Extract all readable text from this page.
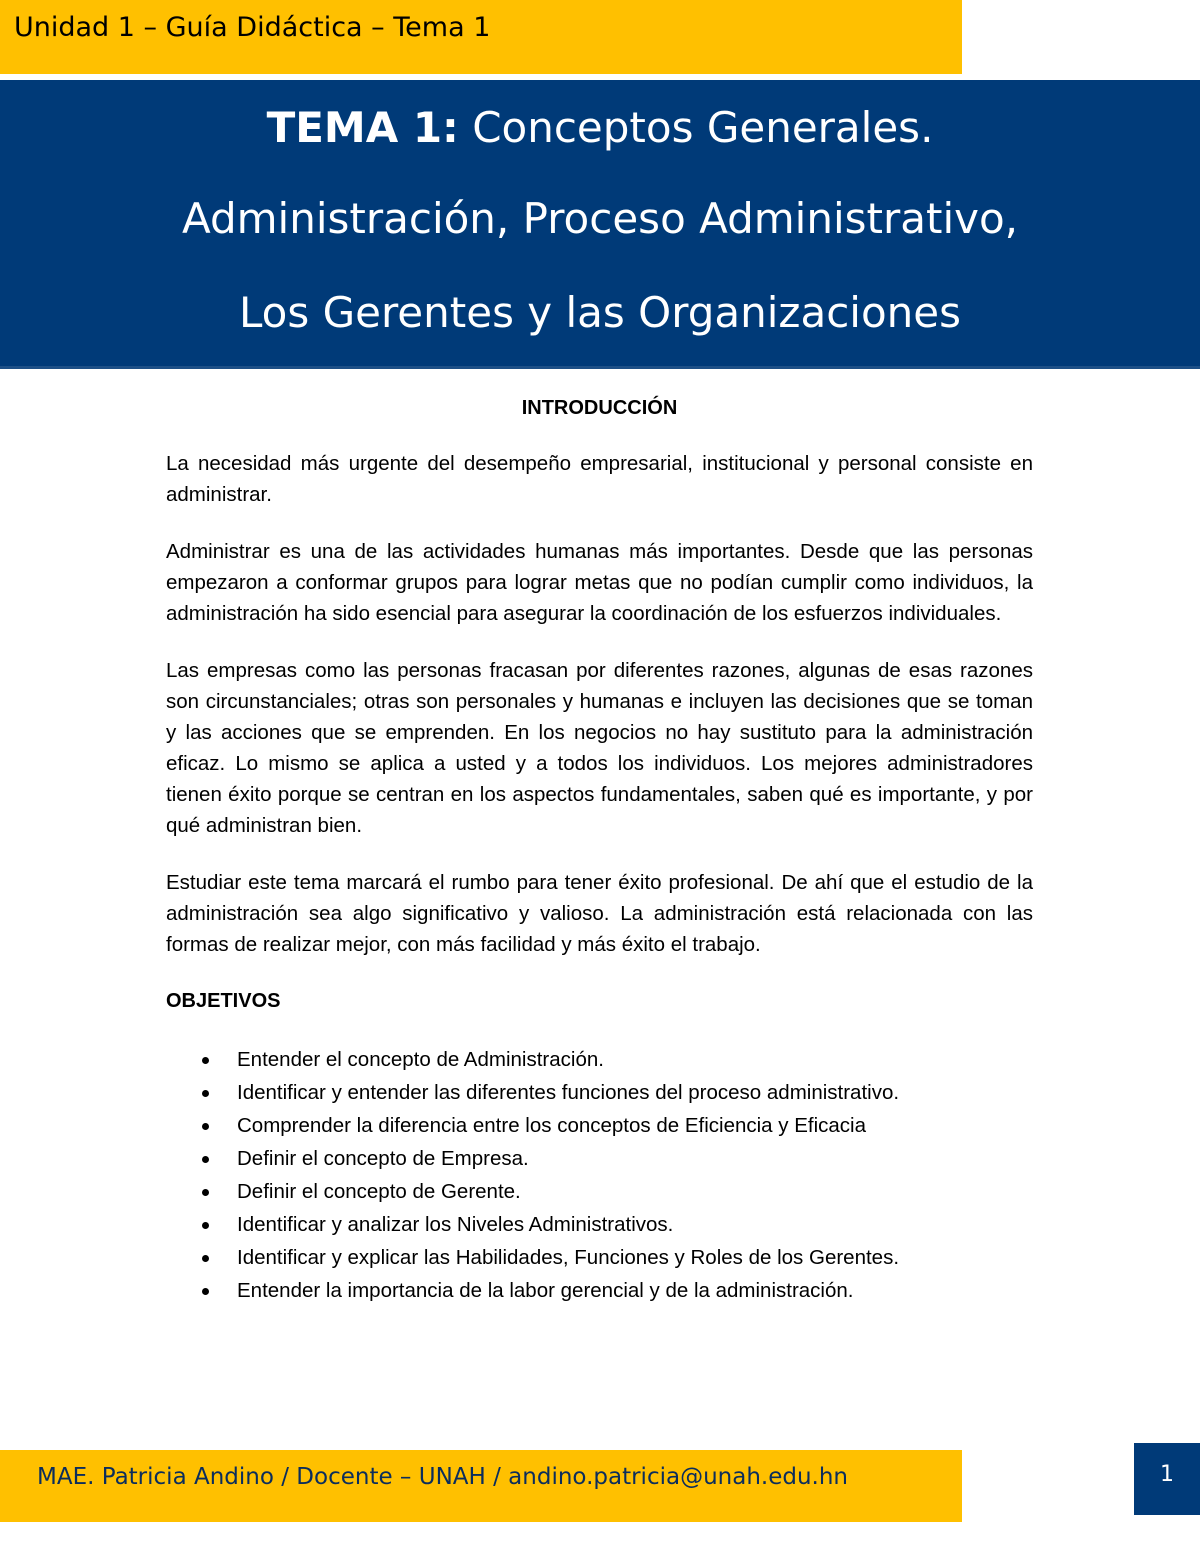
Unidad 1 – Guía Didáctica – Tema 1
TEMA 1: Conceptos Generales.
Administración, Proceso Administrativo,
Los Gerentes y las Organizaciones
INTRODUCCIÓN

La necesidad más urgente del desempeño empresarial, institucional y personal consiste en administrar.

Administrar es una de las actividades humanas más importantes. Desde que las personas empezaron a conformar grupos para lograr metas que no podían cumplir como individuos, la administración ha sido esencial para asegurar la coordinación de los esfuerzos individuales.

Las empresas como las personas fracasan por diferentes razones, algunas de esas razones son circunstanciales; otras son personales y humanas e incluyen las decisiones que se toman y las acciones que se emprenden. En los negocios no hay sustituto para la administración eficaz. Lo mismo se aplica a usted y a todos los individuos. Los mejores administradores tienen éxito porque se centran en los aspectos fundamentales, saben qué es importante, y por qué administran bien.

Estudiar este tema marcará el rumbo para tener éxito profesional. De ahí que el estudio de la administración sea algo significativo y valioso. La administración está relacionada con las formas de realizar mejor, con más facilidad y más éxito el trabajo.

OBJETIVOS
Entender el concepto de Administración.
Identificar y entender las diferentes funciones del proceso administrativo.
Comprender la diferencia entre los conceptos de Eficiencia y Eficacia
Definir el concepto de Empresa.
Definir el concepto de Gerente.
Identificar y analizar los Niveles Administrativos.
Identificar y explicar las Habilidades, Funciones y Roles de los Gerentes.
Entender la importancia de la labor gerencial y de la administración.
MAE. Patricia Andino / Docente – UNAH / andino.patricia@unah.edu.hn	1
